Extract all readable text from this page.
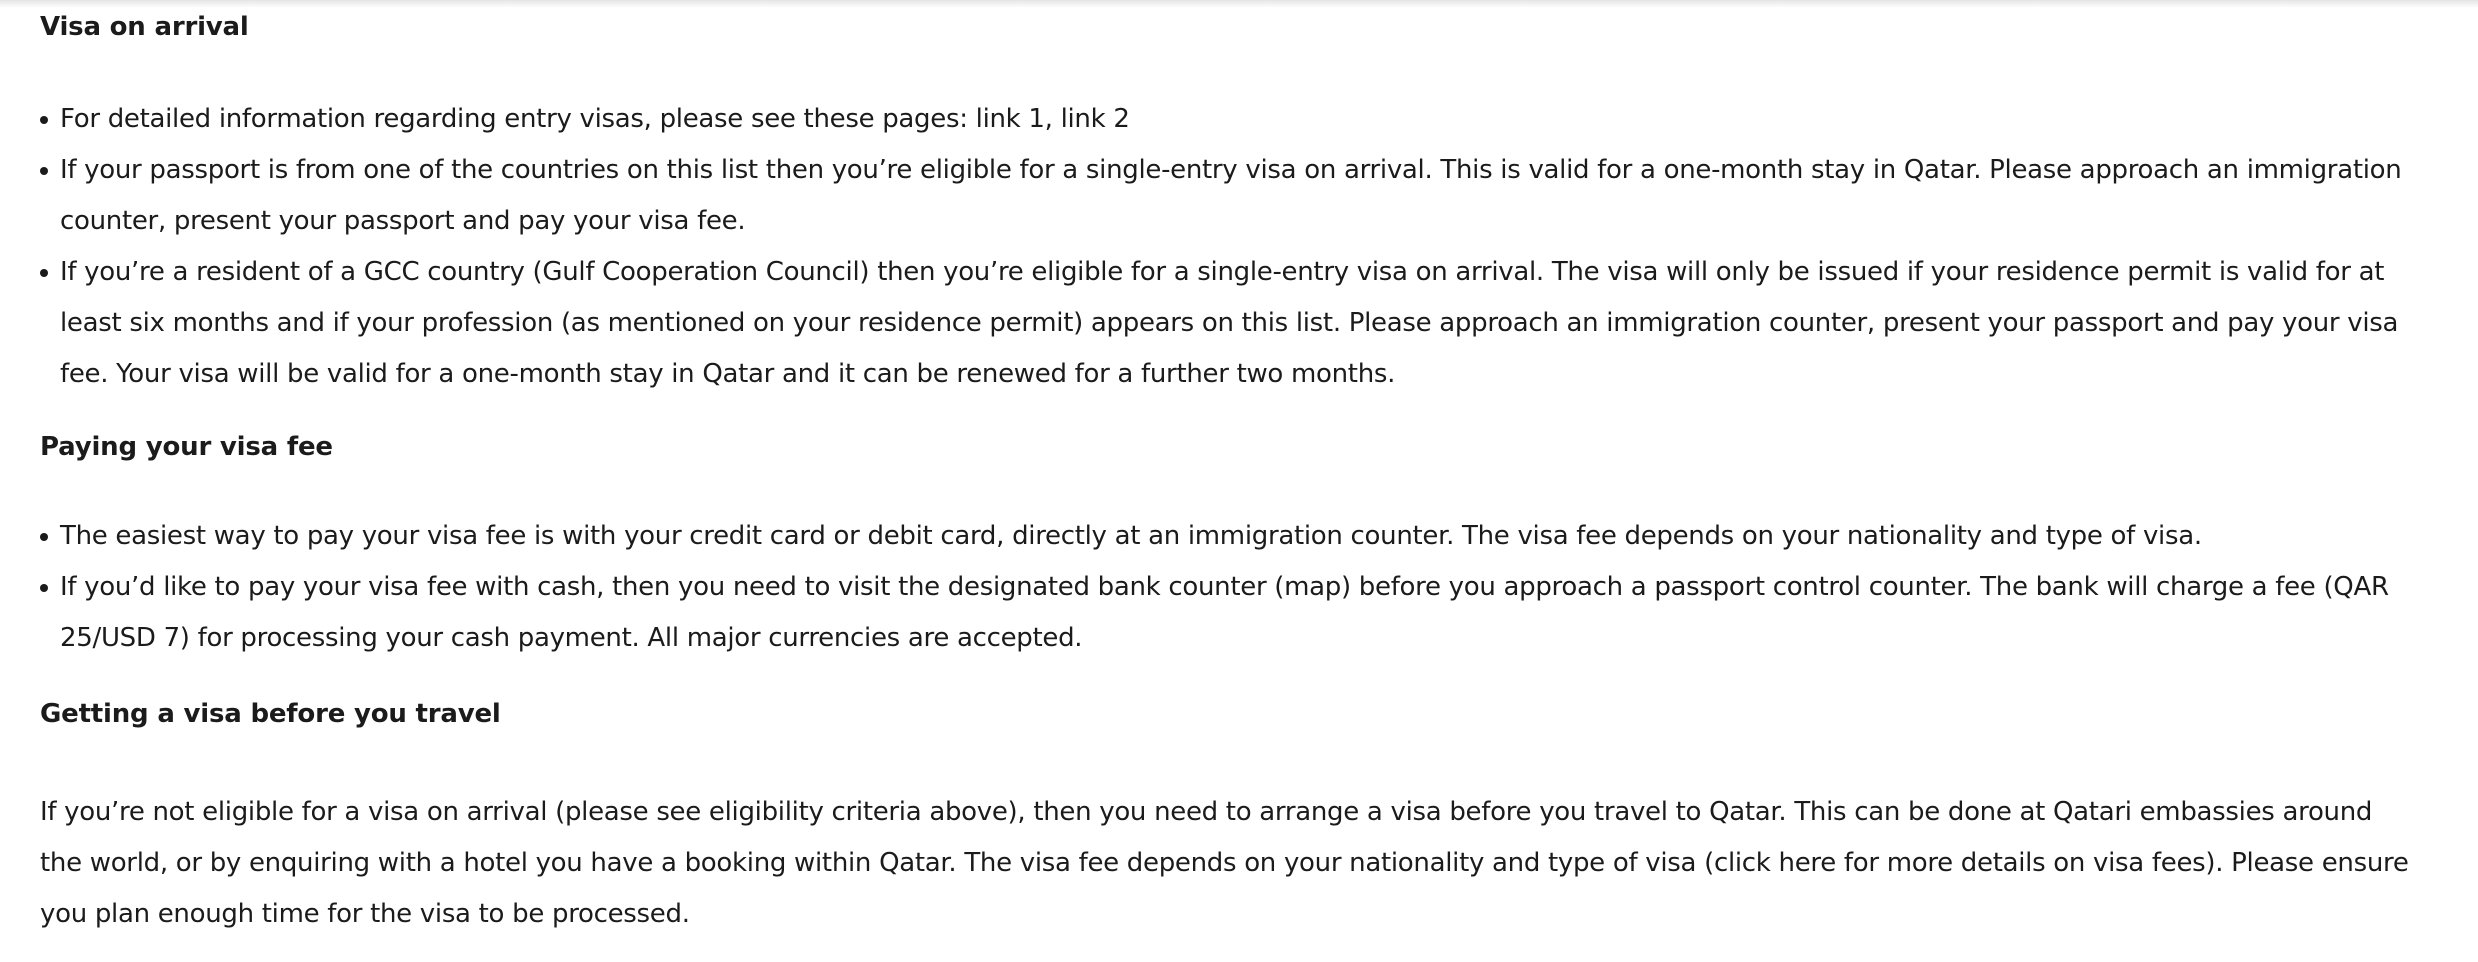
Visa on arrival
For detailed information regarding entry visas, please see these pages: link 1, link 2
If your passport is from one of the countries on this list then you’re eligible for a single-entry visa on arrival. This is valid for a one-month stay in Qatar. Please approach an immigration counter, present your passport and pay your visa fee.
If you’re a resident of a GCC country (Gulf Cooperation Council) then you’re eligible for a single-entry visa on arrival. The visa will only be issued if your residence permit is valid for at least six months and if your profession (as mentioned on your residence permit) appears on this list. Please approach an immigration counter, present your passport and pay your visa fee. Your visa will be valid for a one-month stay in Qatar and it can be renewed for a further two months.
Paying your visa fee
The easiest way to pay your visa fee is with your credit card or debit card, directly at an immigration counter. The visa fee depends on your nationality and type of visa.
If you’d like to pay your visa fee with cash, then you need to visit the designated bank counter (map) before you approach a passport control counter. The bank will charge a fee (QAR 25/USD 7) for processing your cash payment. All major currencies are accepted.
Getting a visa before you travel

If you’re not eligible for a visa on arrival (please see eligibility criteria above), then you need to arrange a visa before you travel to Qatar. This can be done at Qatari embassies around the world, or by enquiring with a hotel you have a booking within Qatar. The visa fee depends on your nationality and type of visa (click here for more details on visa fees). Please ensure you plan enough time for the visa to be processed.
